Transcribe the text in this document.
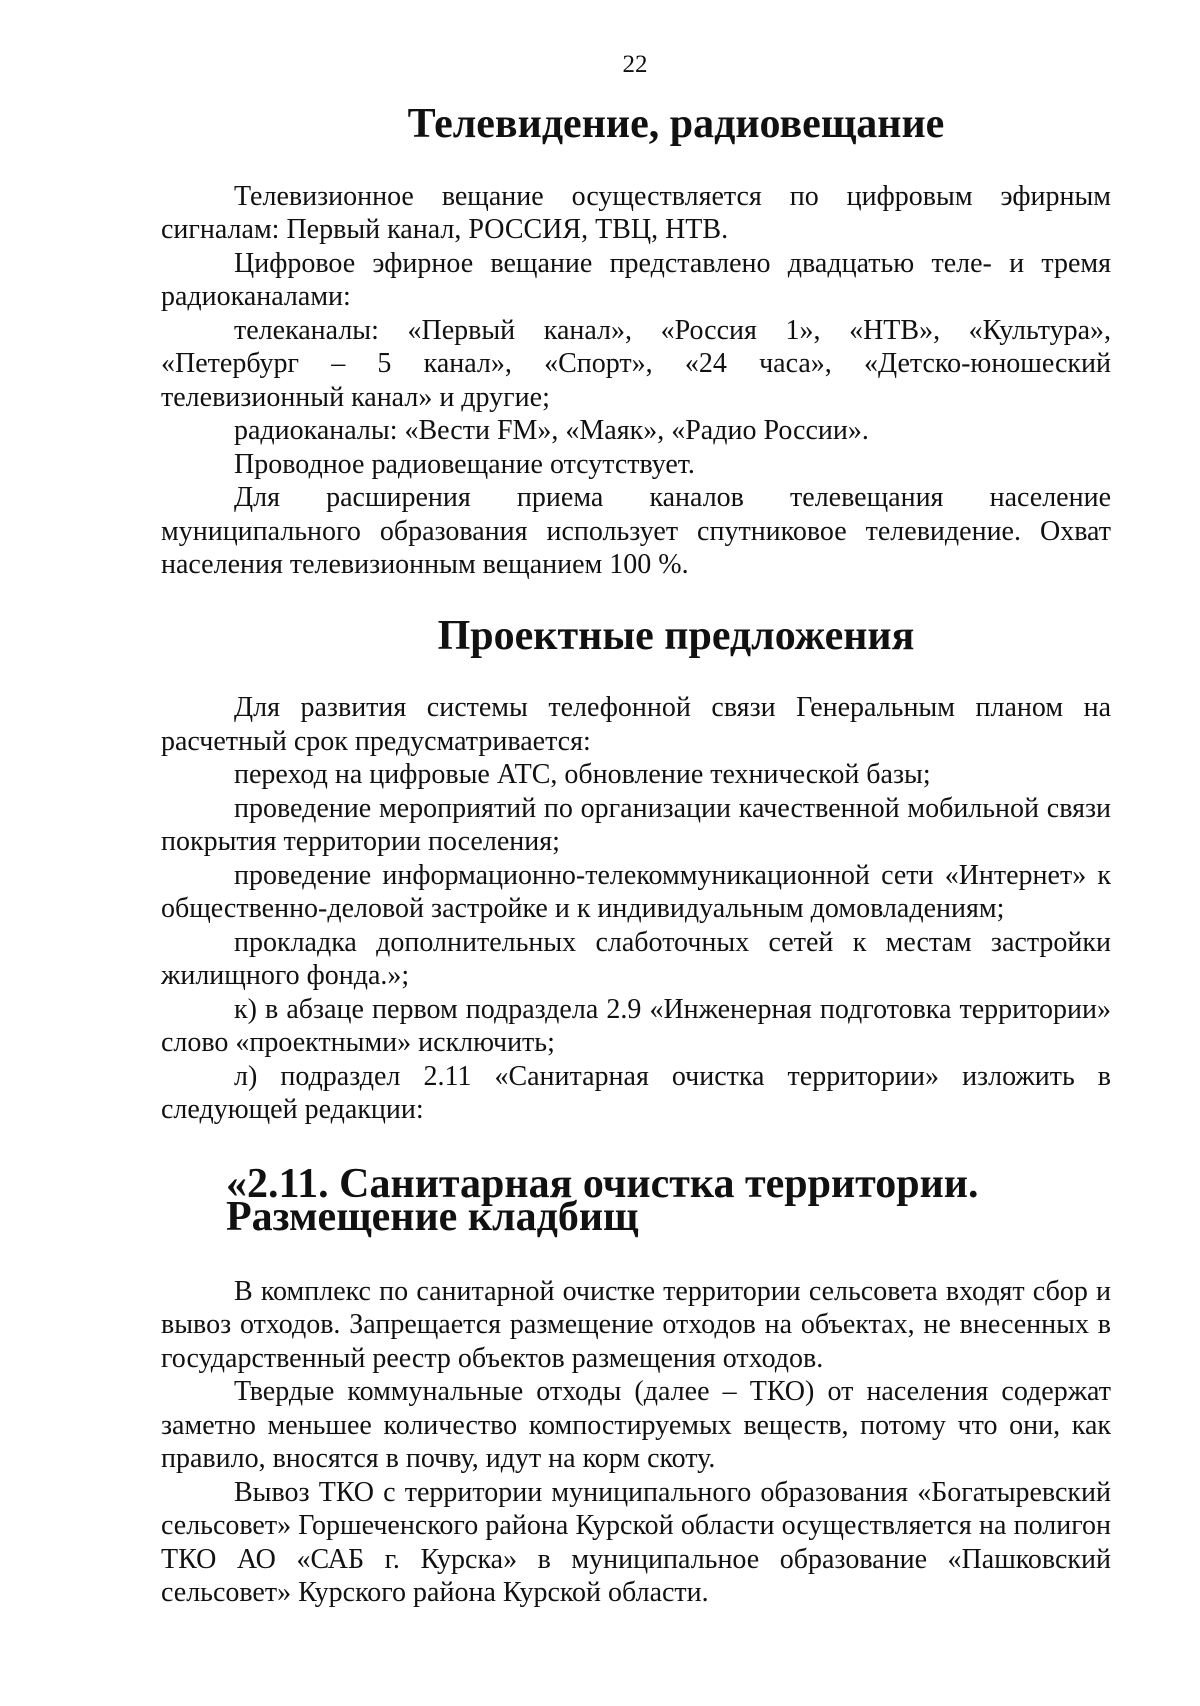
22
Телевидение, радиовещание

Телевизионное вещание осуществляется по цифровым эфирным сигналам: Первый канал, РОССИЯ, ТВЦ, НТВ.

Цифровое эфирное вещание представлено двадцатью теле- и тремя радиоканалами:

телеканалы: «Первый канал», «Россия 1», «НТВ», «Культура», «Петербург – 5 канал», «Спорт», «24 часа», «Детско-юношеский телевизионный канал» и другие;

радиоканалы: «Вести FM», «Маяк», «Радио России».

Проводное радиовещание отсутствует.

Для расширения приема каналов телевещания население муниципального образования использует спутниковое телевидение. Охват населения телевизионным вещанием 100 %.

Проектные предложения

Для развития системы телефонной связи Генеральным планом на расчетный срок предусматривается:

переход на цифровые АТС, обновление технической базы;

проведение мероприятий по организации качественной мобильной связи покрытия территории поселения;

проведение информационно-телекоммуникационной сети «Интернет» к общественно-деловой застройке и к индивидуальным домовладениям;

прокладка дополнительных слаботочных сетей к местам застройки жилищного фонда.»;

к) в абзаце первом подраздела 2.9 «Инженерная подготовка территории» слово «проектными» исключить;

л) подраздел 2.11 «Санитарная очистка территории» изложить в следующей редакции:

«2.11. Санитарная очистка территории. Размещение кладбищ

В комплекс по санитарной очистке территории сельсовета входят сбор и вывоз отходов. Запрещается размещение отходов на объектах, не внесенных в государственный реестр объектов размещения отходов.

Твердые коммунальные отходы (далее – ТКО) от населения содержат заметно меньшее количество компостируемых веществ, потому что они, как правило, вносятся в почву, идут на корм скоту.

Вывоз ТКО с территории муниципального образования «Богатыревский сельсовет» Горшеченского района Курской области осуществляется на полигон ТКО АО «САБ г. Курска» в муниципальное образование «Пашковский сельсовет» Курского района Курской области.
